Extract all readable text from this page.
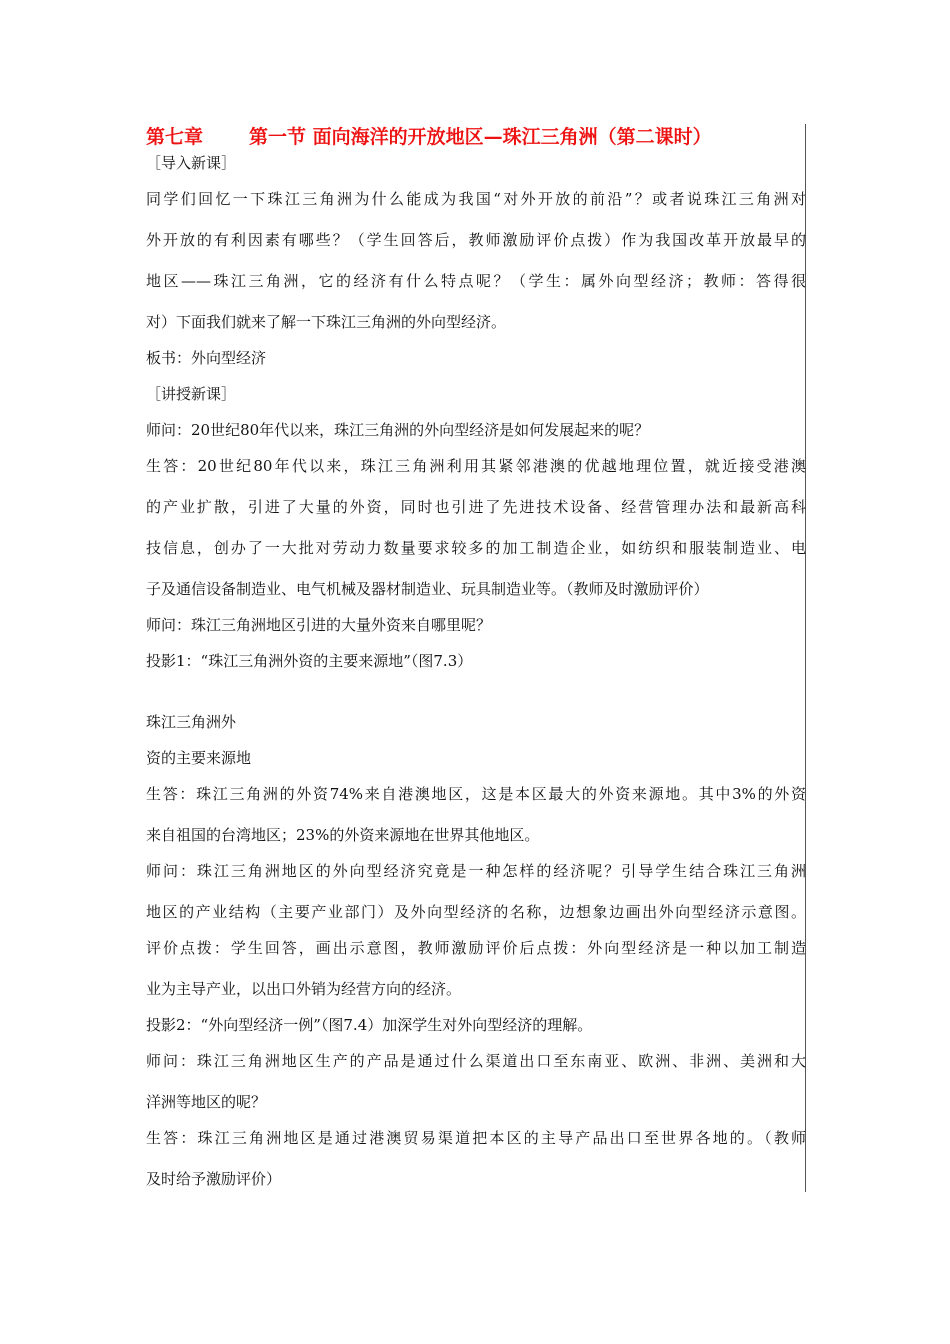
第七章 第一节 面向海洋的开放地区—珠江三角洲（第二课时）
［导入新课］
同学们回忆一下珠江三角洲为什么能成为我国“对外开放的前沿”？或者说珠江三角洲对
外开放的有利因素有哪些？（学生回答后，教师激励评价点拨）作为我国改革开放最早的
地区——珠江三角洲，它的经济有什么特点呢？（学生：属外向型经济；教师：答得很
对）下面我们就来了解一下珠江三角洲的外向型经济。
板书：外向型经济
［讲授新课］
师问：20世纪80年代以来，珠江三角洲的外向型经济是如何发展起来的呢？
生答：20世纪80年代以来，珠江三角洲利用其紧邻港澳的优越地理位置，就近接受港澳
的产业扩散，引进了大量的外资，同时也引进了先进技术设备、经营管理办法和最新高科
技信息，创办了一大批对劳动力数量要求较多的加工制造企业，如纺织和服装制造业、电
子及通信设备制造业、电气机械及器材制造业、玩具制造业等。（教师及时激励评价）
师问：珠江三角洲地区引进的大量外资来自哪里呢？
投影1：“珠江三角洲外资的主要来源地”（图7.3）
珠江三角洲外
资的主要来源地
生答：珠江三角洲的外资74%来自港澳地区，这是本区最大的外资来源地。其中3%的外资
来自祖国的台湾地区；23%的外资来源地在世界其他地区。
师问：珠江三角洲地区的外向型经济究竟是一种怎样的经济呢？引导学生结合珠江三角洲
地区的产业结构（主要产业部门）及外向型经济的名称，边想象边画出外向型经济示意图。
评价点拨：学生回答，画出示意图，教师激励评价后点拨：外向型经济是一种以加工制造
业为主导产业，以出口外销为经营方向的经济。
投影2：“外向型经济一例”（图7.4）加深学生对外向型经济的理解。
师问：珠江三角洲地区生产的产品是通过什么渠道出口至东南亚、欧洲、非洲、美洲和大
洋洲等地区的呢？
生答：珠江三角洲地区是通过港澳贸易渠道把本区的主导产品出口至世界各地的。（教师
及时给予激励评价）
